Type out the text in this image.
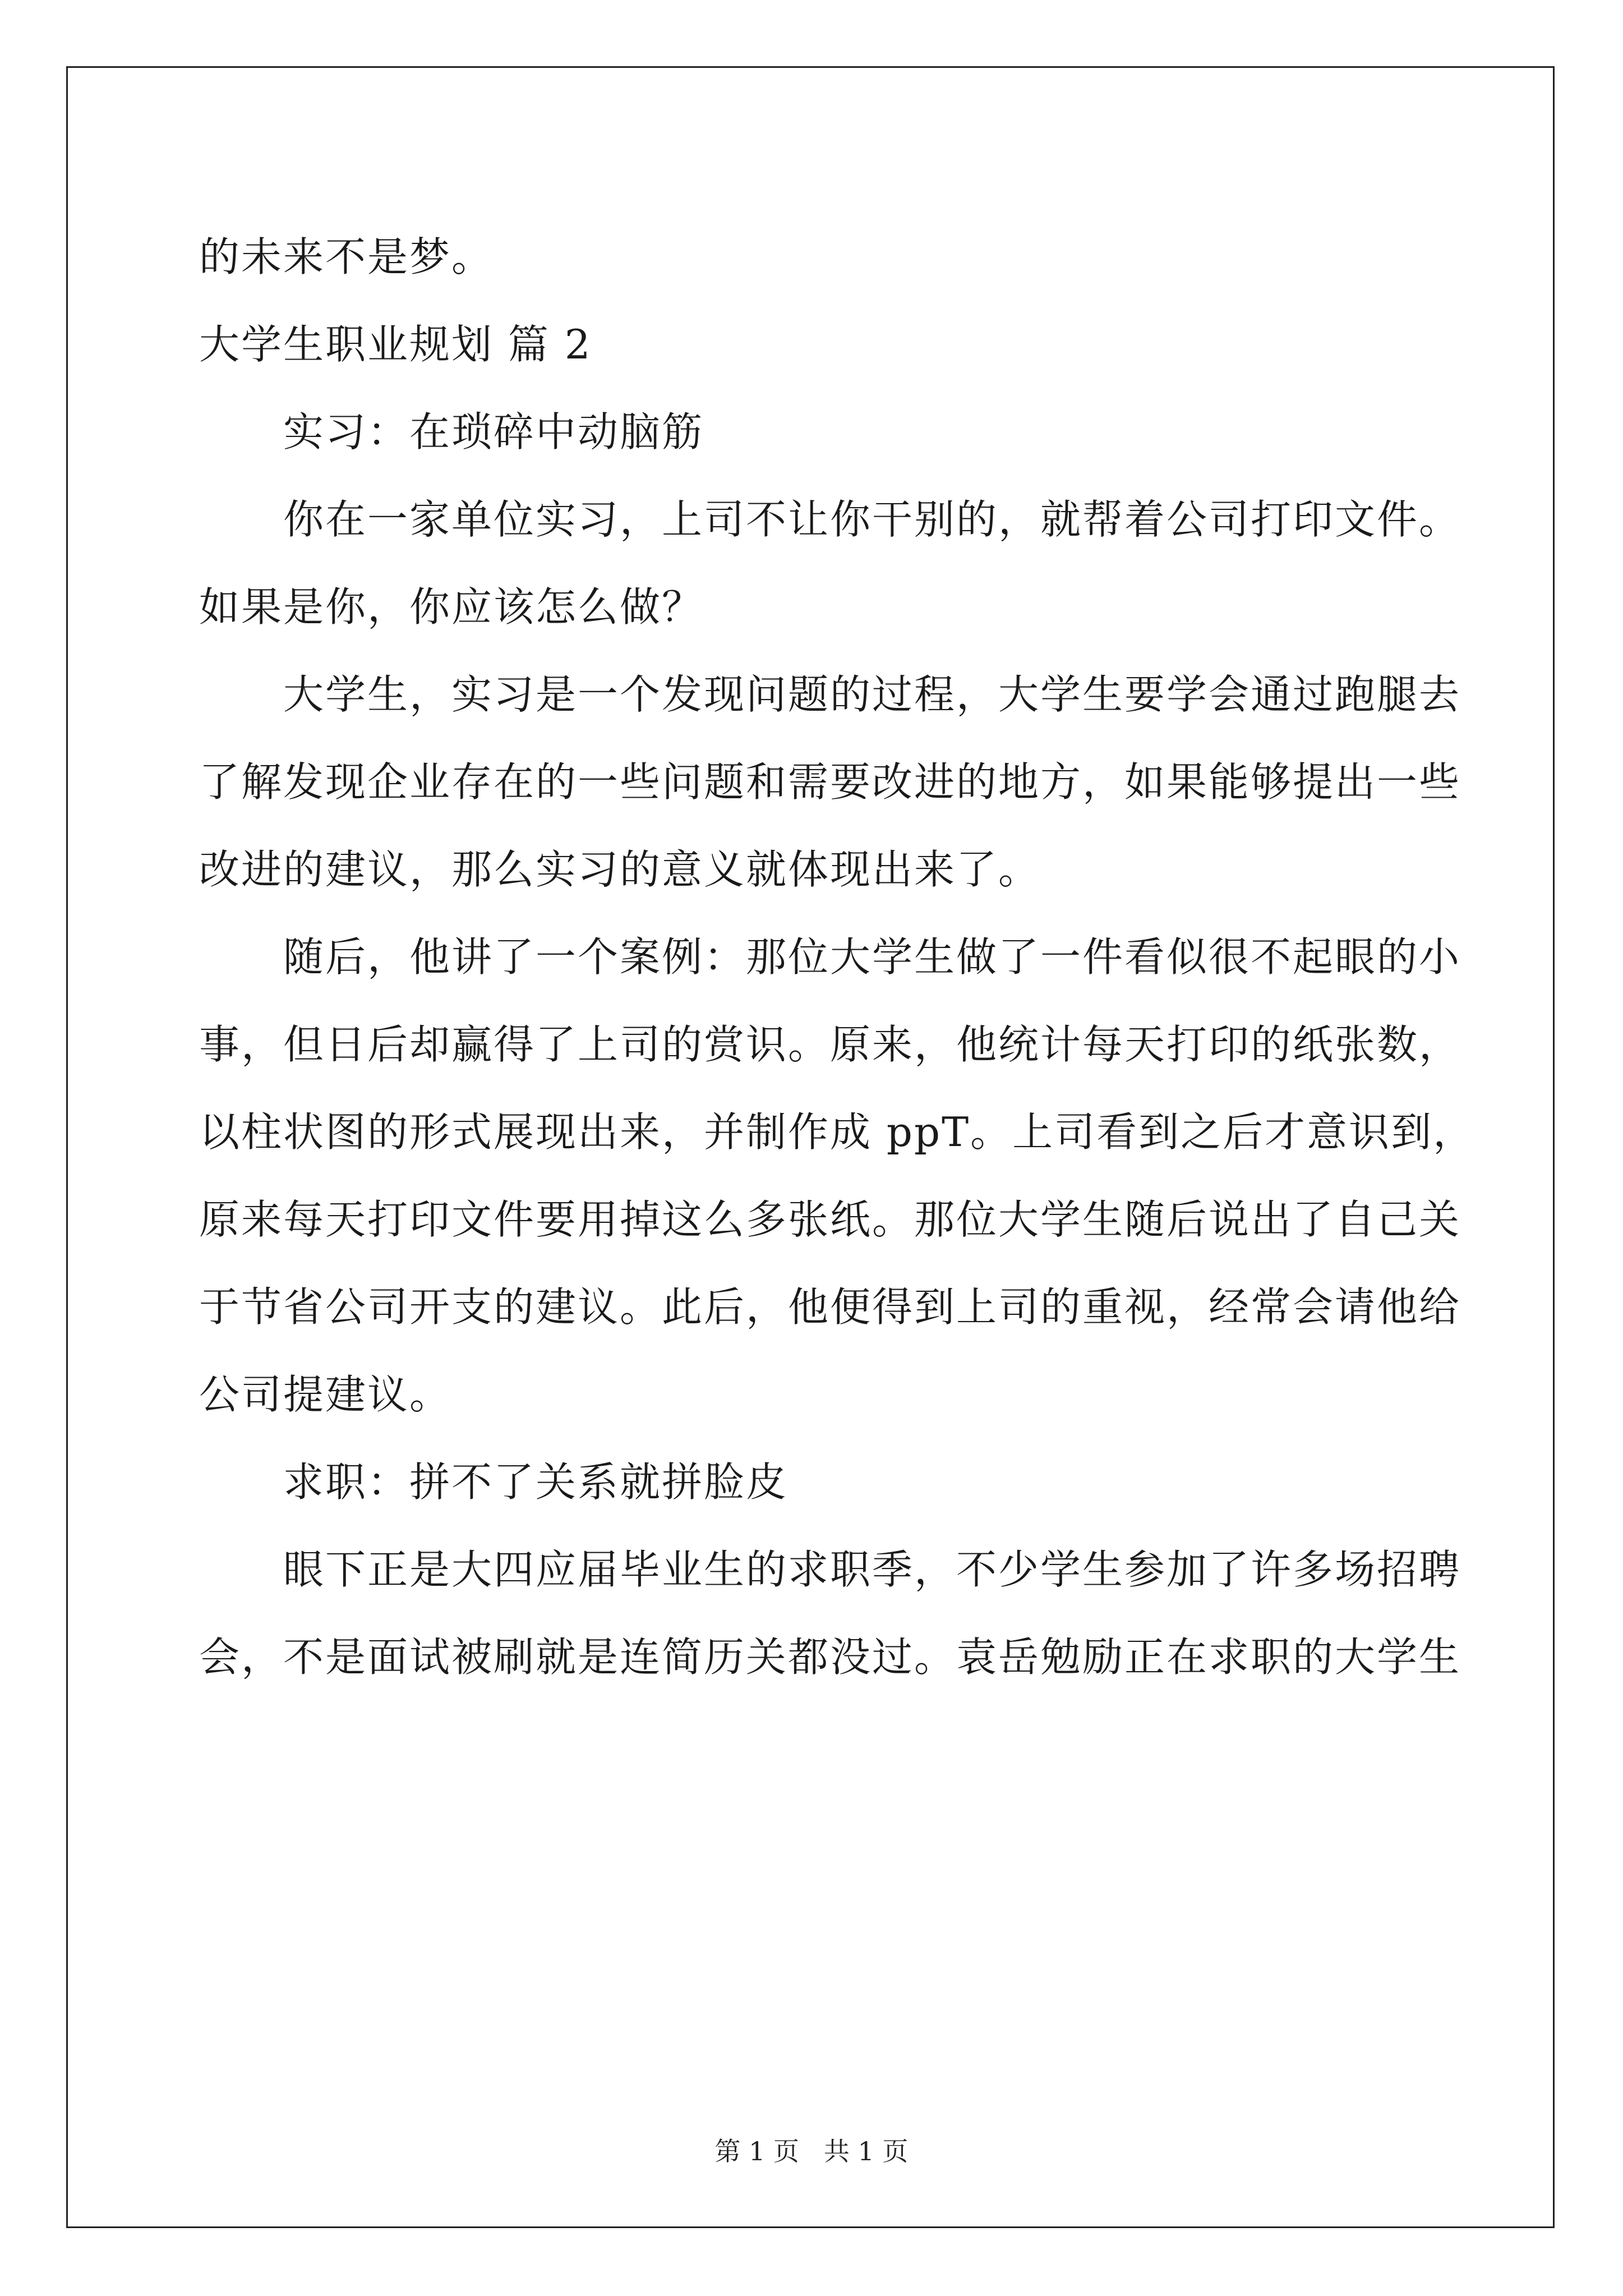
的未来不是梦。
大学生职业规划 篇 2
实习：在琐碎中动脑筋
你在一家单位实习，上司不让你干别的，就帮着公司打印文件。
如果是你，你应该怎么做？
大学生，实习是一个发现问题的过程，大学生要学会通过跑腿去
了解发现企业存在的一些问题和需要改进的地方，如果能够提出一些
改进的建议，那么实习的意义就体现出来了。
随后，他讲了一个案例：那位大学生做了一件看似很不起眼的小
事，但日后却赢得了上司的赏识。原来，他统计每天打印的纸张数，
以柱状图的形式展现出来，并制作成 ppT。上司看到之后才意识到，
原来每天打印文件要用掉这么多张纸。那位大学生随后说出了自己关
于节省公司开支的建议。此后，他便得到上司的重视，经常会请他给
公司提建议。
求职：拼不了关系就拼脸皮
眼下正是大四应届毕业生的求职季，不少学生参加了许多场招聘
会，不是面试被刷就是连简历关都没过。袁岳勉励正在求职的大学生
第 1 页   共 1 页
